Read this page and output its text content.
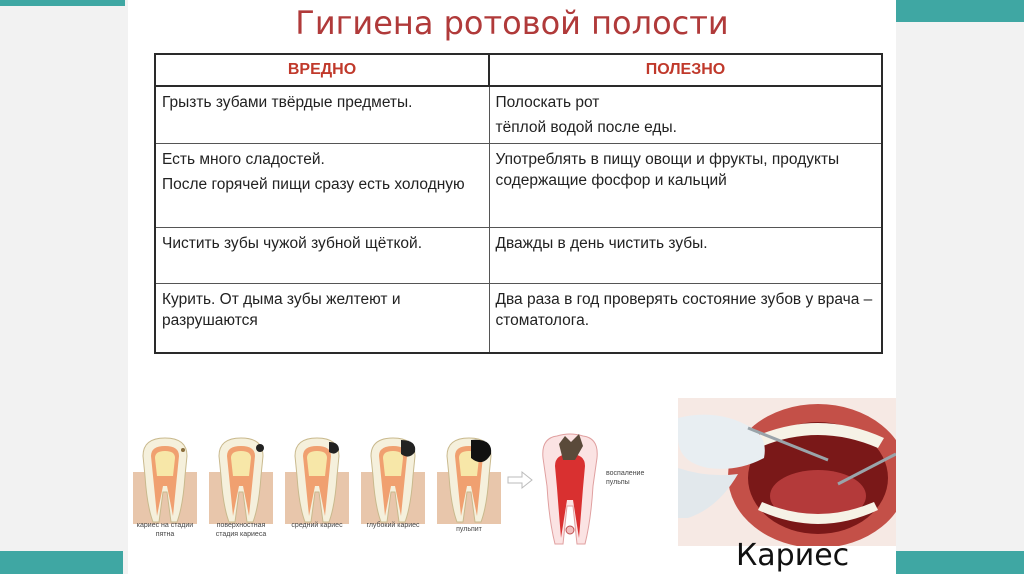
Гигиена ротовой полости
ВРЕДНО	ПОЛЕЗНО

Грызть зубами твёрдые предметы.	Полоскать рот
тёплой водой после еды.

Есть много сладостей.
После горячей пищи сразу есть холодную	Употреблять в пищу овощи и фрукты, продукты содержащие фосфор и кальций

Чистить зубы чужой зубной щёткой.	Дважды в день чистить зубы.

Курить. От дыма зубы желтеют и разрушаются	Два раза в год проверять состояние зубов у врача – стоматолога.
кариес на стадии пятна
поверхностная стадия кариеса
средний кариес	глубокий кариес
пульпит
воспаление пульпы
Кариес
